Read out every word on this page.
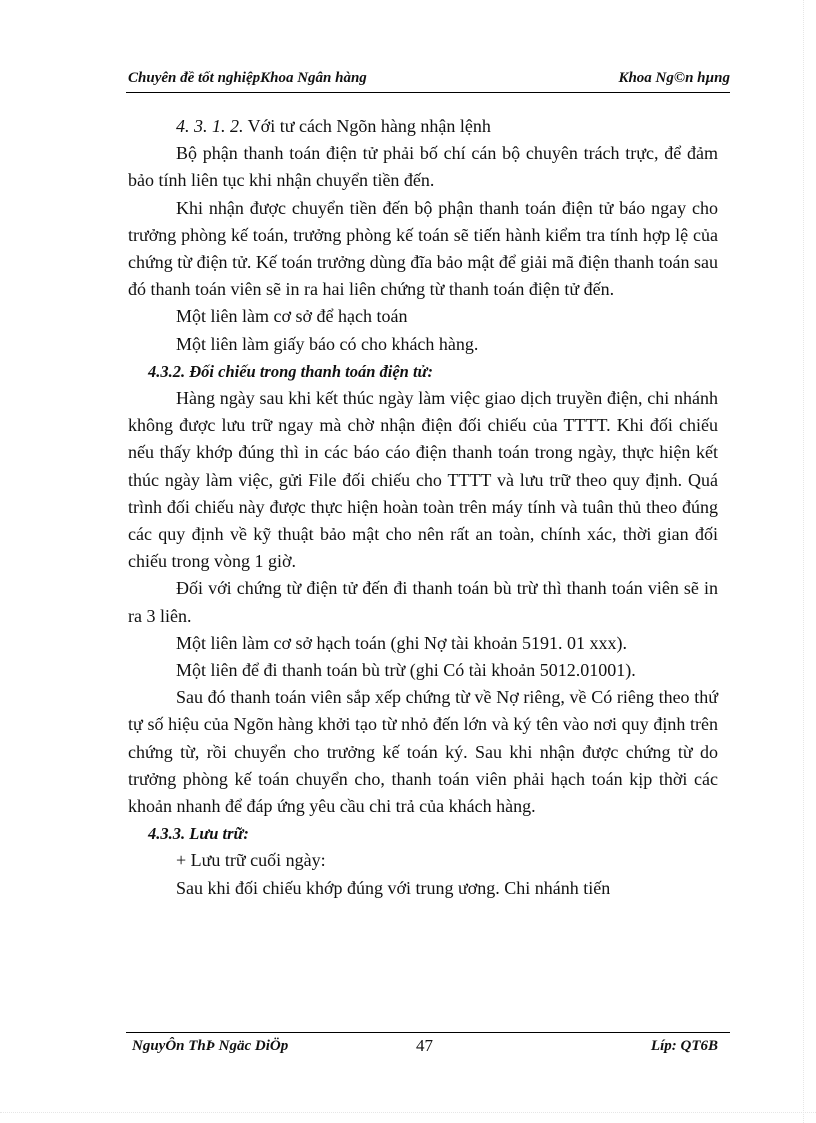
Chuyên đề tốt nghiệpKhoa Ngân hàng	Khoa Ng©n hµng

4. 3. 1. 2. Với tư cách Ngõn hàng nhận lệnh

Bộ phận thanh toán điện tử phải bố chí cán bộ chuyên trách trực, để đảm bảo tính liên tục khi nhận chuyển tiền đến.

Khi nhận được chuyển tiền đến bộ phận thanh toán điện tử báo ngay cho trưởng phòng kế toán, trưởng phòng kế toán sẽ tiến hành kiểm tra tính hợp lệ của chứng từ điện tử. Kế toán trưởng dùng đĩa bảo mật để giải mã điện thanh toán sau đó thanh toán viên sẽ in ra hai liên chứng từ thanh toán điện tử đến.

Một liên làm cơ sở để hạch toán

Một liên làm giấy báo có cho khách hàng.

4.3.2. Đối chiếu trong thanh toán điện tử:

Hàng ngày sau khi kết thúc ngày làm việc giao dịch truyền điện, chi nhánh không được lưu trữ ngay mà chờ nhận điện đối chiếu của TTTT. Khi đối chiếu nếu thấy khớp đúng thì in các báo cáo điện thanh toán trong ngày, thực hiện kết thúc ngày làm việc, gửi File đối chiếu cho TTTT và lưu trữ theo quy định. Quá trình đối chiếu này được thực hiện hoàn toàn trên máy tính và tuân thủ theo đúng các quy định về kỹ thuật bảo mật cho nên rất an toàn, chính xác, thời gian đối chiếu trong vòng 1 giờ.

Đối với chứng từ điện tử đến đi thanh toán bù trừ thì thanh toán viên sẽ in ra 3 liên.

Một liên làm cơ sở hạch toán (ghi Nợ tài khoản 5191. 01 xxx).

Một liên để đi thanh toán bù trừ (ghi Có tài khoản 5012.01001).

Sau đó thanh toán viên sắp xếp chứng từ về Nợ riêng, về Có riêng theo thứ tự số hiệu của Ngõn hàng khởi tạo từ nhỏ đến lớn và ký tên vào nơi quy định trên chứng từ, rồi chuyển cho trưởng kế toán ký. Sau khi nhận được chứng từ do trưởng phòng kế toán chuyển cho, thanh toán viên phải hạch toán kịp thời các khoản nhanh để đáp ứng yêu cầu chi trả của khách hàng.

4.3.3. Lưu trữ:

+ Lưu trữ cuối ngày:

Sau khi đối chiếu khớp đúng với trung ương. Chi nhánh tiến

NguyÔn ThÞ Ngäc DiÖp	47	Líp: QT6B
